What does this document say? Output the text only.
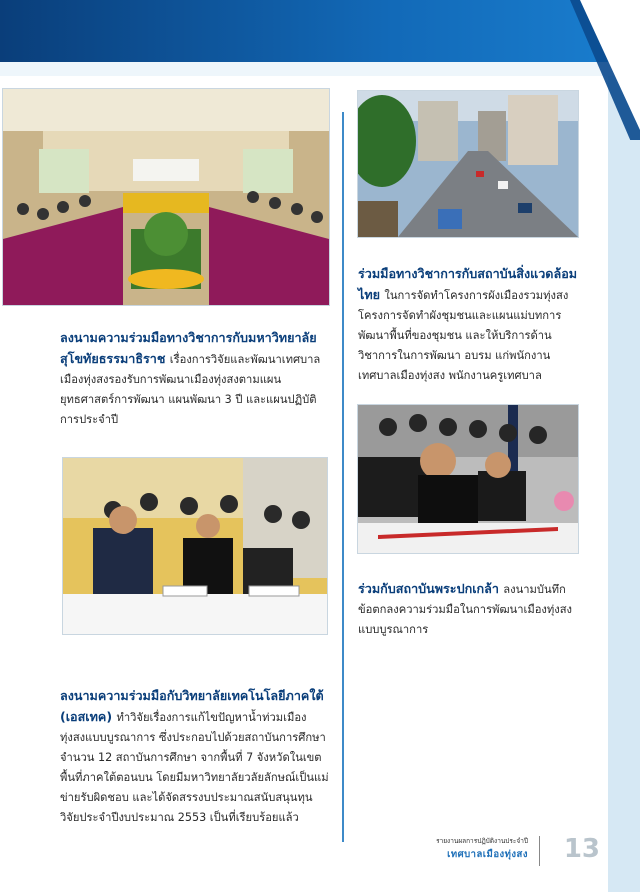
ลงนามความร่วมมือทางวิชาการกับมหาวิทยาลัยสุโขทัยธรรมาธิราช เรื่องการวิจัยและพัฒนาเทศบาลเมืองทุ่งสงรองรับการพัฒนาเมืองทุ่งสงตามแผนยุทธศาสตร์การพัฒนา แผนพัฒนา 3 ปี และแผนปฏิบัติการประจำปี
ร่วมมือทางวิชาการกับสถาบันสิ่งแวดล้อมไทย ในการจัดทำโครงการผังเมืองรวมทุ่งสง โครงการจัดทำผังชุมชนและแผนแม่บทการพัฒนาพื้นที่ของชุมชน และให้บริการด้านวิชาการในการพัฒนา อบรม แก่พนักงานเทศบาลเมืองทุ่งสง พนักงานครูเทศบาล
ร่วมกับสถาบันพระปกเกล้า ลงนามบันทึกข้อตกลงความร่วมมือในการพัฒนาเมืองทุ่งสงแบบบูรณาการ
ลงนามความร่วมมือกับวิทยาลัยเทคโนโลยีภาคใต้ (เอสเทค) ทำวิจัยเรื่องการแก้ไขปัญหาน้ำท่วมเมืองทุ่งสงแบบบูรณาการ ซึ่งประกอบไปด้วยสถาบันการศึกษา จำนวน 12 สถาบันการศึกษา จากพื้นที่ 7 จังหวัดในเขตพื้นที่ภาคใต้ตอนบน โดยมีมหาวิทยาลัยวลัยลักษณ์เป็นแม่ข่ายรับผิดชอบ และได้จัดสรรงบประมาณสนับสนุนทุนวิจัยประจำปีงบประมาณ 2553 เป็นที่เรียบร้อยแล้ว
รายงานผลการปฏิบัติงานประจำปี
เทศบาลเมืองทุ่งสง 13
